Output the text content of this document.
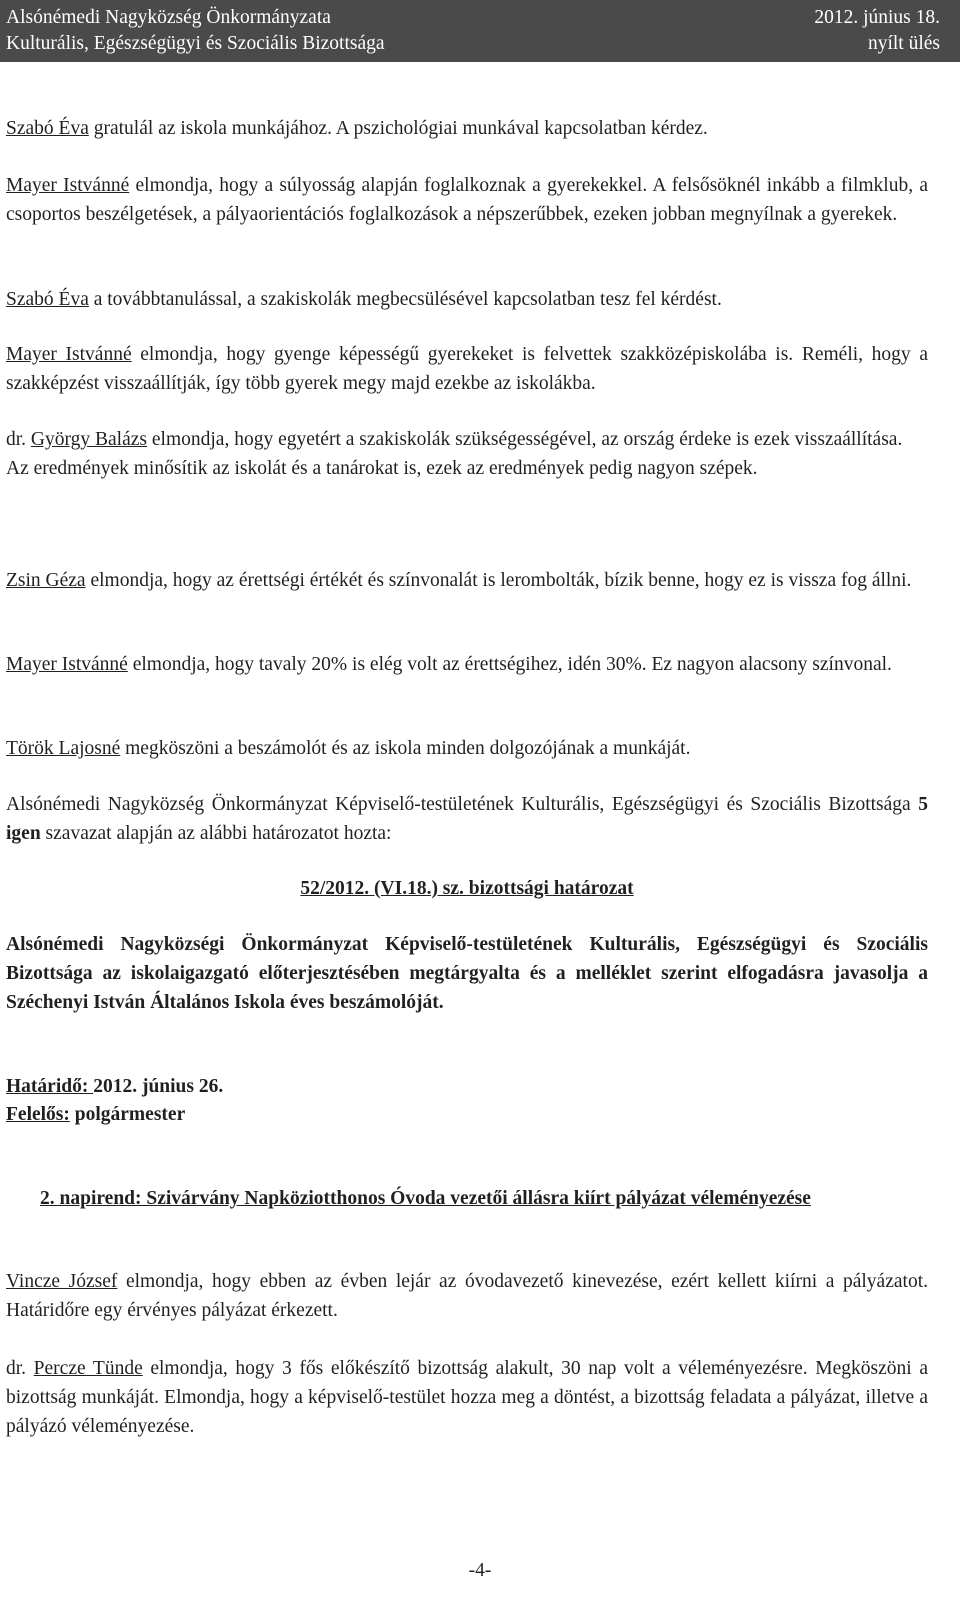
Alsónémedi Nagyközség Önkormányzata	2012. június 18.
Kulturális, Egészségügyi és Szociális Bizottsága	nyílt ülés

Szabó Éva gratulál az iskola munkájához. A pszichológiai munkával kapcsolatban kérdez.

Mayer Istvánné elmondja, hogy a súlyosság alapján foglalkoznak a gyerekekkel. A felsősöknél inkább a filmklub, a csoportos beszélgetések, a pályaorientációs foglalkozások a népszerűbbek, ezeken jobban megnyílnak a gyerekek.

Szabó Éva a továbbtanulással, a szakiskolák megbecsülésével kapcsolatban tesz fel kérdést.

Mayer Istvánné elmondja, hogy gyenge képességű gyerekeket is felvettek szakközépiskolába is. Reméli, hogy a szakképzést visszaállítják, így több gyerek megy majd ezekbe az iskolákba.

dr. György Balázs elmondja, hogy egyetért a szakiskolák szükségességével, az ország érdeke is ezek visszaállítása.
Az eredmények minősítik az iskolát és a tanárokat is, ezek az eredmények pedig nagyon szépek.

Zsin Géza elmondja, hogy az érettségi értékét és színvonalát is lerombolták, bízik benne, hogy ez is vissza fog állni.

Mayer Istvánné elmondja, hogy tavaly 20% is elég volt az érettségihez, idén 30%. Ez nagyon alacsony színvonal.

Török Lajosné megköszöni a beszámolót és az iskola minden dolgozójának a munkáját.

Alsónémedi Nagyközség Önkormányzat Képviselő-testületének Kulturális, Egészségügyi és Szociális Bizottsága 5 igen szavazat alapján az alábbi határozatot hozta:

52/2012. (VI.18.) sz. bizottsági határozat

Alsónémedi Nagyközségi Önkormányzat Képviselő-testületének Kulturális, Egészségügyi és Szociális Bizottsága az iskolaigazgató előterjesztésében megtárgyalta és a melléklet szerint elfogadásra javasolja a Széchenyi István Általános Iskola éves beszámolóját.

Határidő: 2012. június 26.

Felelős: polgármester

2. napirend: Szivárvány Napköziotthonos Óvoda vezetői állásra kiírt pályázat véleményezése

Vincze József elmondja, hogy ebben az évben lejár az óvodavezető kinevezése, ezért kellett kiírni a pályázatot. Határidőre egy érvényes pályázat érkezett.

dr. Percze Tünde elmondja, hogy 3 fős előkészítő bizottság alakult, 30 nap volt a véleményezésre. Megköszöni a bizottság munkáját. Elmondja, hogy a képviselő-testület hozza meg a döntést, a bizottság feladata a pályázat, illetve a pályázó véleményezése.

-4-
